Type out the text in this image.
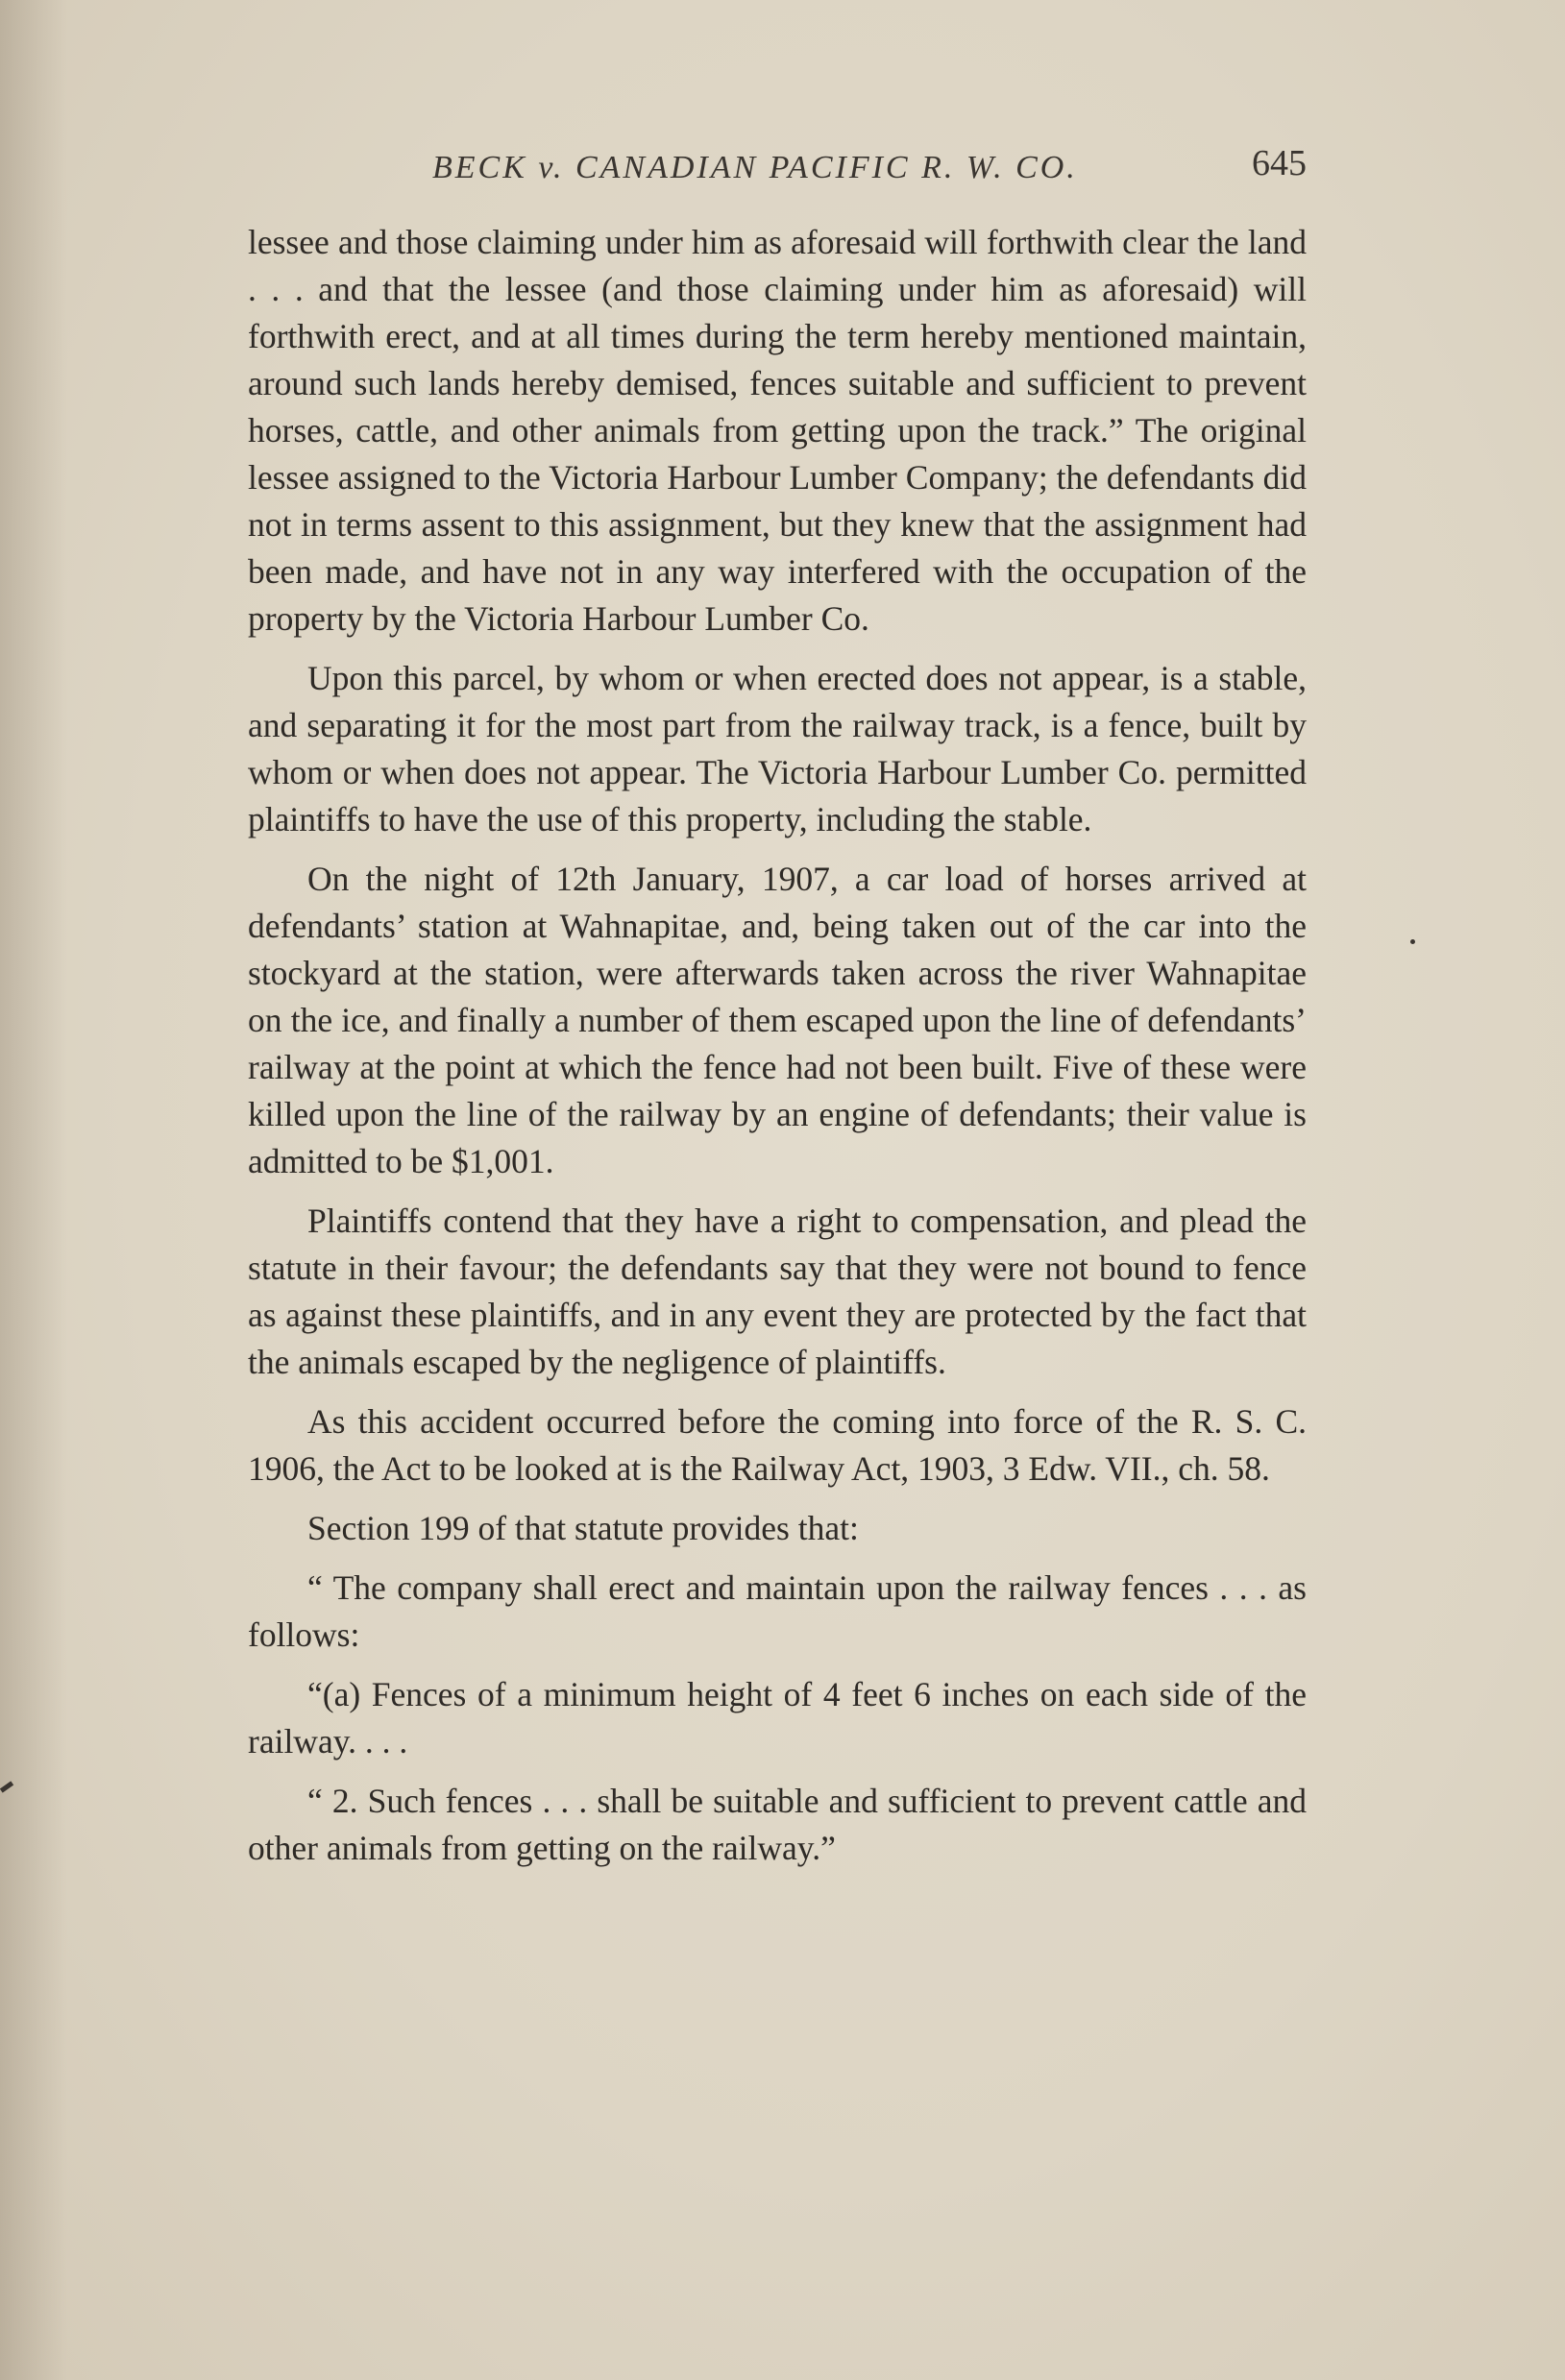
BECK v. CANADIAN PACIFIC R. W. CO.	645

lessee and those claiming under him as aforesaid will forthwith clear the land . . . and that the lessee (and those claiming under him as aforesaid) will forthwith erect, and at all times during the term hereby mentioned maintain, around such lands hereby demised, fences suitable and sufficient to prevent horses, cattle, and other animals from getting upon the track.” The original lessee assigned to the Victoria Harbour Lumber Company; the defendants did not in terms assent to this assignment, but they knew that the assignment had been made, and have not in any way interfered with the occupation of the property by the Victoria Harbour Lumber Co.

Upon this parcel, by whom or when erected does not appear, is a stable, and separating it for the most part from the railway track, is a fence, built by whom or when does not appear. The Victoria Harbour Lumber Co. permitted plaintiffs to have the use of this property, including the stable.

On the night of 12th January, 1907, a car load of horses arrived at defendants’ station at Wahnapitae, and, being taken out of the car into the stockyard at the station, were afterwards taken across the river Wahnapitae on the ice, and finally a number of them escaped upon the line of defendants’ railway at the point at which the fence had not been built. Five of these were killed upon the line of the railway by an engine of defendants; their value is admitted to be $1,001.

Plaintiffs contend that they have a right to compensation, and plead the statute in their favour; the defendants say that they were not bound to fence as against these plaintiffs, and in any event they are protected by the fact that the animals escaped by the negligence of plaintiffs.

As this accident occurred before the coming into force of the R. S. C. 1906, the Act to be looked at is the Railway Act, 1903, 3 Edw. VII., ch. 58.

Section 199 of that statute provides that:

“ The company shall erect and maintain upon the railway fences . . . as follows:

“(a) Fences of a minimum height of 4 feet 6 inches on each side of the railway. . . .

“ 2. Such fences . . . shall be suitable and sufficient to prevent cattle and other animals from getting on the railway.”
